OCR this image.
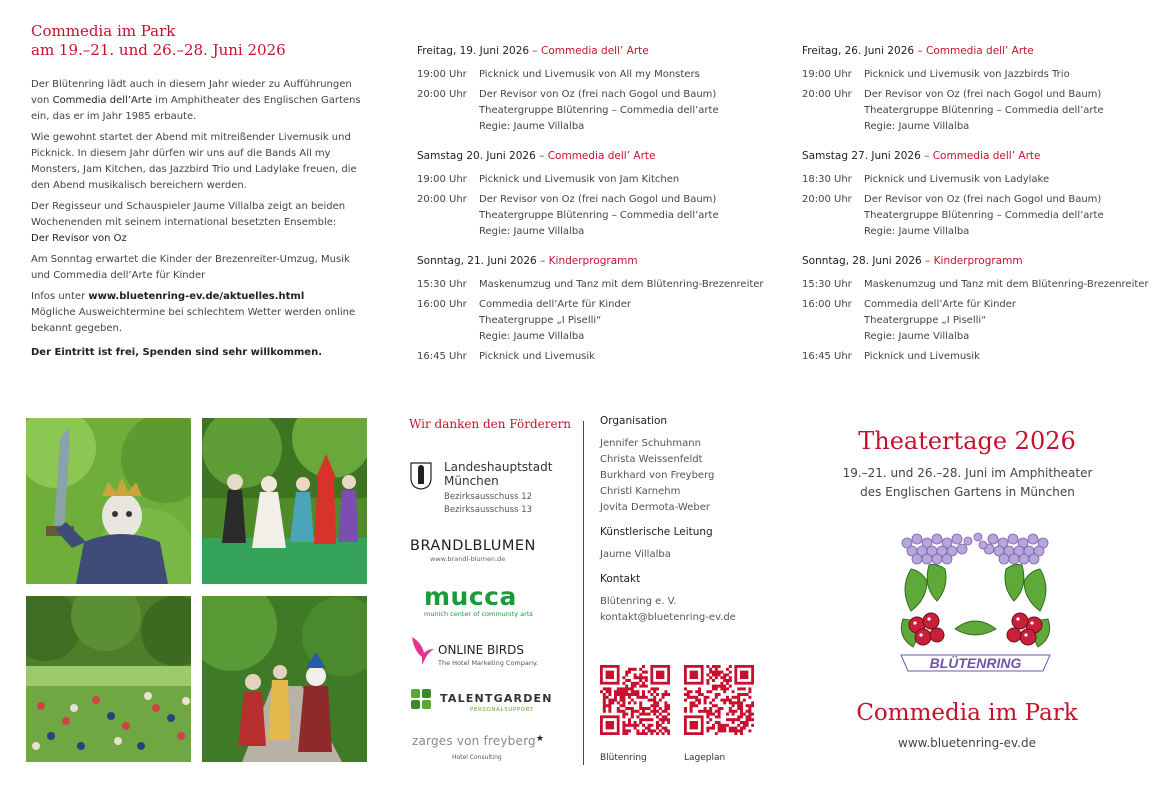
Commedia im Park
am 19.–21. und 26.–28. Juni 2026

Der Blütenring lädt auch in diesem Jahr wieder zu Aufführungen von Commedia dell’Arte im Amphitheater des Englischen Gartens ein, das er im Jahr 1985 erbaute.

Wie gewohnt startet der Abend mit mitreißender Livemusik und Picknick. In diesem Jahr dürfen wir uns auf die Bands All my Monsters, Jam Kitchen, das Jazzbird Trio und Ladylake freuen, die den Abend musikalisch bereichern werden.

Der Regisseur und Schauspieler Jaume Villalba zeigt an beiden Wochenenden mit seinem international besetzten Ensemble:
Der Revisor von Oz

Am Sonntag erwartet die Kinder der Brezenreiter-Umzug, Musik und Commedia dell’Arte für Kinder

Infos unter www.bluetenring-ev.de/aktuelles.html
Mögliche Ausweichtermine bei schlechtem Wetter werden online bekannt gegeben.

Der Eintritt ist frei, Spenden sind sehr willkommen.

Freitag, 19. Juni 2026 – Commedia dell’ Arte
19:00 Uhr	Picknick und Livemusik von All my Monsters
20:00 Uhr	Der Revisor von Oz (frei nach Gogol und Baum)
Theatergruppe Blütenring – Commedia dell’arte
Regie: Jaume Villalba
Samstag 20. Juni 2026 – Commedia dell’ Arte
19:00 Uhr	Picknick und Livemusik von Jam Kitchen
20:00 Uhr	Der Revisor von Oz (frei nach Gogol und Baum)
Theatergruppe Blütenring – Commedia dell’arte
Regie: Jaume Villalba
Sonntag, 21. Juni 2026 – Kinderprogramm
15:30 Uhr	Maskenumzug und Tanz mit dem Blütenring-Brezenreiter
16:00 Uhr	Commedia dell’Arte für Kinder
Theatergruppe „I Piselli“
Regie: Jaume Villalba
16:45 Uhr	Picknick und Livemusik
Freitag, 26. Juni 2026 – Commedia dell’ Arte
19:00 Uhr	Picknick und Livemusik von Jazzbirds Trio
20:00 Uhr	Der Revisor von Oz (frei nach Gogol und Baum)
Theatergruppe Blütenring – Commedia dell’arte
Regie: Jaume Villalba
Samstag 27. Juni 2026 – Commedia dell’ Arte
18:30 Uhr	Picknick und Livemusik von Ladylake
20:00 Uhr	Der Revisor von Oz (frei nach Gogol und Baum)
Theatergruppe Blütenring – Commedia dell’arte
Regie: Jaume Villalba
Sonntag, 28. Juni 2026 – Kinderprogramm
15:30 Uhr	Maskenumzug und Tanz mit dem Blütenring-Brezenreiter
16:00 Uhr	Commedia dell’Arte für Kinder
Theatergruppe „I Piselli“
Regie: Jaume Villalba
16:45 Uhr	Picknick und Livemusik
Wir danken den Förderern
Landeshauptstadt
München
Bezirksausschuss 12
Bezirksausschuss 13
BRANDLBLUMEN
www.brandl-blumen.de
mucca
munich center of community arts
ONLINE BIRDS
The Hotel Marketing Company.
TALENTGARDEN
PERSONALSUPPORT
zarges von freyberg★
Hotel Consulting
Organisation
Jennifer Schuhmann
Christa Weissenfeldt
Burkhard von Freyberg
Christl Karnehm
Jovita Dermota-Weber
Künstlerische Leitung
Jaume Villalba
Kontakt
Blütenring e. V.
kontakt@bluetenring-ev.de
Blütenring	Lageplan
Theatertage 2026
19.–21. und 26.–28. Juni im Amphitheater
des Englischen Gartens in München
BLÜTENRING
Commedia im Park
www.bluetenring-ev.de
